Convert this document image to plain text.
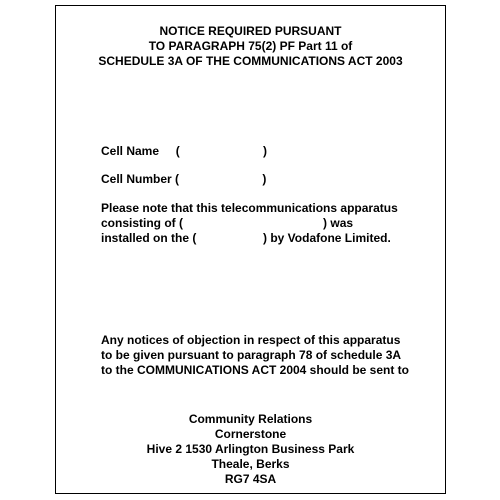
NOTICE REQUIRED PURSUANT
TO PARAGRAPH 75(2) PF Part 11 of
SCHEDULE 3A OF THE COMMUNICATIONS ACT 2003
Cell Name     (                         )
Cell Number (                         )
Please note that this telecommunications apparatus
consisting of (                                          ) was
installed on the (                    ) by Vodafone Limited.
Any notices of objection in respect of this apparatus
to be given pursuant to paragraph 78 of schedule 3A
to the COMMUNICATIONS ACT 2004 should be sent to
Community Relations
Cornerstone
Hive 2 1530 Arlington Business Park
Theale, Berks
RG7 4SA
